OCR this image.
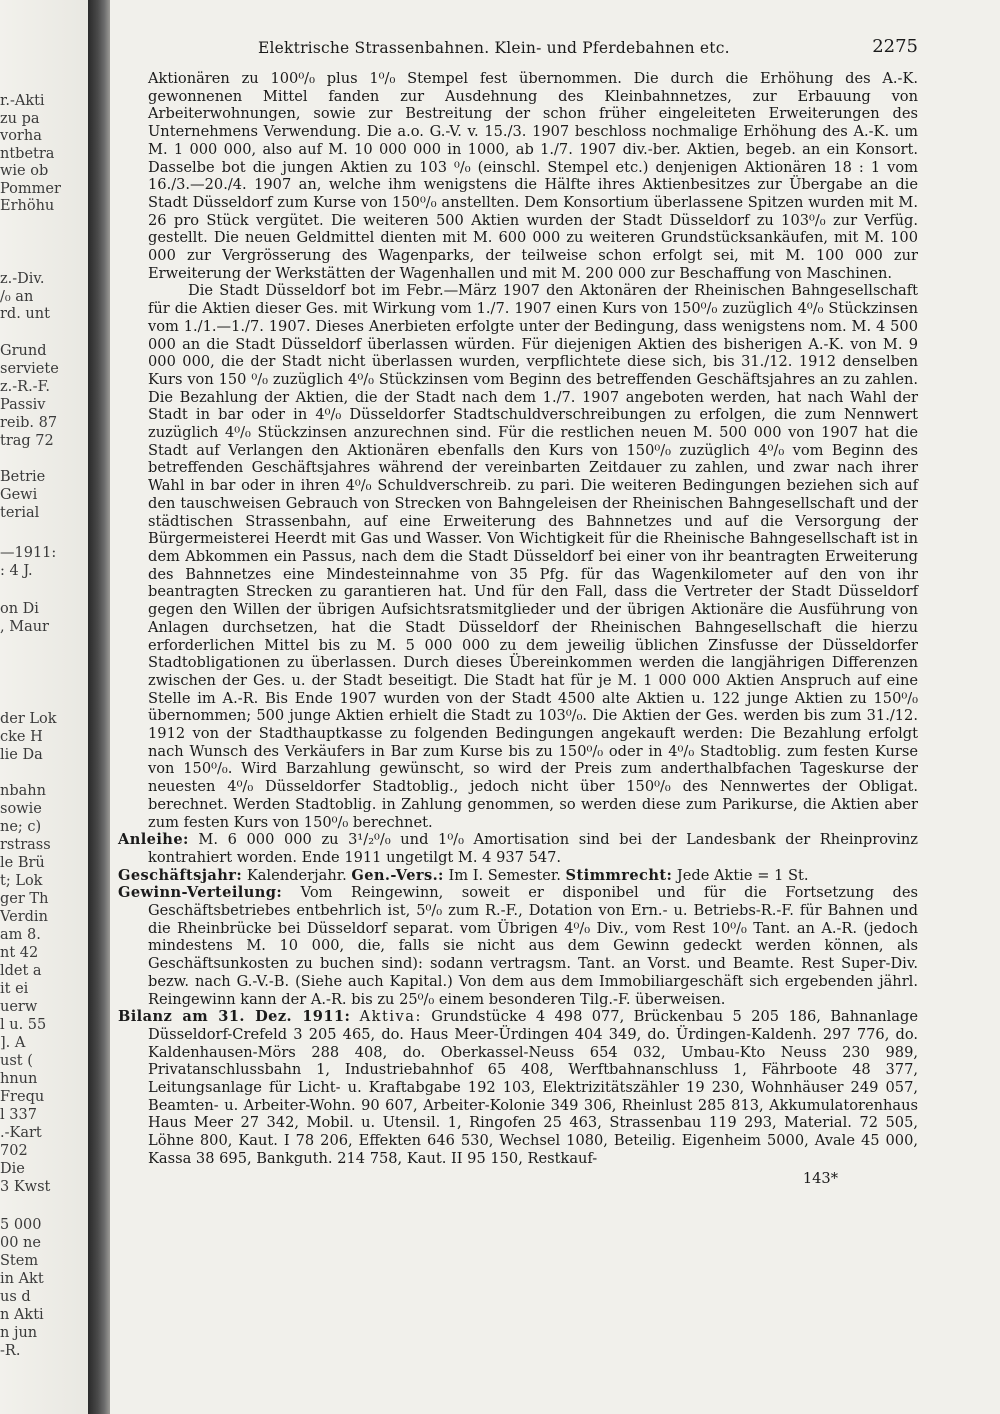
r.-Akti
zu pa
vorha
ntbetra
wie ob
Pommer
Erhöhu
z.-Div.
/₀ an
rd. unt
Grund
serviete
z.-R.-F.
Passiv
reib. 87
trag 72
Betrie
Gewi
terial
—1911:
: 4 J.
on Di
, Maur
der Lok
cke H
lie Da
nbahn
sowie
ne; c)
rstrass
le Brü
t; Lok
ger Th
Verdin
am 8.
nt 42
ldet a
it ei
uerw
l u. 55
]. A
ust (
hnun
Frequ
l 337
.-Kart
702
Die
3 Kwst
5 000
00 ne
Stem
in Akt
us d
n Akti
n jun
-R.
Elektrische Strassenbahnen. Klein- und Pferdebahnen etc.	2275

Aktionären zu 100⁰/₀ plus 1⁰/₀ Stempel fest übernommen. Die durch die Erhöhung des A.-K. gewonnenen Mittel fanden zur Ausdehnung des Kleinbahnnetzes, zur Erbauung von Arbeiterwohnungen, sowie zur Bestreitung der schon früher eingeleiteten Erweiterungen des Unternehmens Verwendung. Die a.o. G.-V. v. 15./3. 1907 beschloss nochmalige Erhöhung des A.-K. um M. 1 000 000, also auf M. 10 000 000 in 1000, ab 1./7. 1907 div.-ber. Aktien, begeb. an ein Konsort. Dasselbe bot die jungen Aktien zu 103 ⁰/₀ (einschl. Stempel etc.) denjenigen Aktionären 18 : 1 vom 16./3.—20./4. 1907 an, welche ihm wenigstens die Hälfte ihres Aktienbesitzes zur Übergabe an die Stadt Düsseldorf zum Kurse von 150⁰/₀ anstellten. Dem Konsortium überlassene Spitzen wurden mit M. 26 pro Stück vergütet. Die weiteren 500 Aktien wurden der Stadt Düsseldorf zu 103⁰/₀ zur Verfüg. gestellt. Die neuen Geldmittel dienten mit M. 600 000 zu weiteren Grundstücksankäufen, mit M. 100 000 zur Vergrösserung des Wagenparks, der teilweise schon erfolgt sei, mit M. 100 000 zur Erweiterung der Werkstätten der Wagenhallen und mit M. 200 000 zur Beschaffung von Maschinen.

Die Stadt Düsseldorf bot im Febr.—März 1907 den Aktonären der Rheinischen Bahngesellschaft für die Aktien dieser Ges. mit Wirkung vom 1./7. 1907 einen Kurs von 150⁰/₀ zuzüglich 4⁰/₀ Stückzinsen vom 1./1.—1./7. 1907. Dieses Anerbieten erfolgte unter der Bedingung, dass wenigstens nom. M. 4 500 000 an die Stadt Düsseldorf überlassen würden. Für diejenigen Aktien des bisherigen A.-K. von M. 9 000 000, die der Stadt nicht überlassen wurden, verpflichtete diese sich, bis 31./12. 1912 denselben Kurs von 150 ⁰/₀ zuzüglich 4⁰/₀ Stückzinsen vom Beginn des betreffenden Geschäftsjahres an zu zahlen. Die Bezahlung der Aktien, die der Stadt nach dem 1./7. 1907 angeboten werden, hat nach Wahl der Stadt in bar oder in 4⁰/₀ Düsseldorfer Stadtschuldverschreibungen zu erfolgen, die zum Nennwert zuzüglich 4⁰/₀ Stückzinsen anzurechnen sind. Für die restlichen neuen M. 500 000 von 1907 hat die Stadt auf Verlangen den Aktionären ebenfalls den Kurs von 150⁰/₀ zuzüglich 4⁰/₀ vom Beginn des betreffenden Geschäftsjahres während der vereinbarten Zeitdauer zu zahlen, und zwar nach ihrer Wahl in bar oder in ihren 4⁰/₀ Schuldverschreib. zu pari. Die weiteren Bedingungen beziehen sich auf den tauschweisen Gebrauch von Strecken von Bahngeleisen der Rheinischen Bahngesellschaft und der städtischen Strassenbahn, auf eine Erweiterung des Bahnnetzes und auf die Versorgung der Bürgermeisterei Heerdt mit Gas und Wasser. Von Wichtigkeit für die Rheinische Bahngesellschaft ist in dem Abkommen ein Passus, nach dem die Stadt Düsseldorf bei einer von ihr beantragten Erweiterung des Bahnnetzes eine Mindesteinnahme von 35 Pfg. für das Wagenkilometer auf den von ihr beantragten Strecken zu garantieren hat. Und für den Fall, dass die Vertreter der Stadt Düsseldorf gegen den Willen der übrigen Aufsichtsratsmitglieder und der übrigen Aktionäre die Ausführung von Anlagen durchsetzen, hat die Stadt Düsseldorf der Rheinischen Bahngesellschaft die hierzu erforderlichen Mittel bis zu M. 5 000 000 zu dem jeweilig üblichen Zinsfusse der Düsseldorfer Stadtobligationen zu überlassen. Durch dieses Übereinkommen werden die langjährigen Differenzen zwischen der Ges. u. der Stadt beseitigt. Die Stadt hat für je M. 1 000 000 Aktien Anspruch auf eine Stelle im A.-R. Bis Ende 1907 wurden von der Stadt 4500 alte Aktien u. 122 junge Aktien zu 150⁰/₀ übernommen; 500 junge Aktien erhielt die Stadt zu 103⁰/₀. Die Aktien der Ges. werden bis zum 31./12. 1912 von der Stadthauptkasse zu folgenden Bedingungen angekauft werden: Die Bezahlung erfolgt nach Wunsch des Verkäufers in Bar zum Kurse bis zu 150⁰/₀ oder in 4⁰/₀ Stadtoblig. zum festen Kurse von 150⁰/₀. Wird Barzahlung gewünscht, so wird der Preis zum anderthalbfachen Tageskurse der neuesten 4⁰/₀ Düsseldorfer Stadtoblig., jedoch nicht über 150⁰/₀ des Nennwertes der Obligat. berechnet. Werden Stadtoblig. in Zahlung genommen, so werden diese zum Parikurse, die Aktien aber zum festen Kurs von 150⁰/₀ berechnet.

Anleihe: M. 6 000 000 zu 3¹/₂⁰/₀ und 1⁰/₀ Amortisation sind bei der Landesbank der Rheinprovinz kontrahiert worden. Ende 1911 ungetilgt M. 4 937 547.

Geschäftsjahr: Kalenderjahr. Gen.-Vers.: Im I. Semester. Stimmrecht: Jede Aktie = 1 St.

Gewinn-Verteilung: Vom Reingewinn, soweit er disponibel und für die Fortsetzung des Geschäftsbetriebes entbehrlich ist, 5⁰/₀ zum R.-F., Dotation von Ern.- u. Betriebs-R.-F. für Bahnen und die Rheinbrücke bei Düsseldorf separat. vom Übrigen 4⁰/₀ Div., vom Rest 10⁰/₀ Tant. an A.-R. (jedoch mindestens M. 10 000, die, falls sie nicht aus dem Gewinn gedeckt werden können, als Geschäftsunkosten zu buchen sind): sodann vertragsm. Tant. an Vorst. und Beamte. Rest Super-Div. bezw. nach G.-V.-B. (Siehe auch Kapital.) Von dem aus dem Immobiliargeschäft sich ergebenden jährl. Reingewinn kann der A.-R. bis zu 25⁰/₀ einem besonderen Tilg.-F. überweisen.

Bilanz am 31. Dez. 1911: Aktiva: Grundstücke 4 498 077, Brückenbau 5 205 186, Bahnanlage Düsseldorf-Crefeld 3 205 465, do. Haus Meer-Ürdingen 404 349, do. Ürdingen-Kaldenh. 297 776, do. Kaldenhausen-Mörs 288 408, do. Oberkassel-Neuss 654 032, Umbau-Kto Neuss 230 989, Privatanschlussbahn 1, Industriebahnhof 65 408, Werftbahnanschluss 1, Fährboote 48 377, Leitungsanlage für Licht- u. Kraftabgabe 192 103, Elektrizitätszähler 19 230, Wohnhäuser 249 057, Beamten- u. Arbeiter-Wohn. 90 607, Arbeiter-Kolonie 349 306, Rheinlust 285 813, Akkumulatorenhaus Haus Meer 27 342, Mobil. u. Utensil. 1, Ringofen 25 463, Strassenbau 119 293, Material. 72 505, Löhne 800, Kaut. I 78 206, Effekten 646 530, Wechsel 1080, Beteilig. Eigenheim 5000, Avale 45 000, Kassa 38 695, Bankguth. 214 758, Kaut. II 95 150, Restkauf-

143*
